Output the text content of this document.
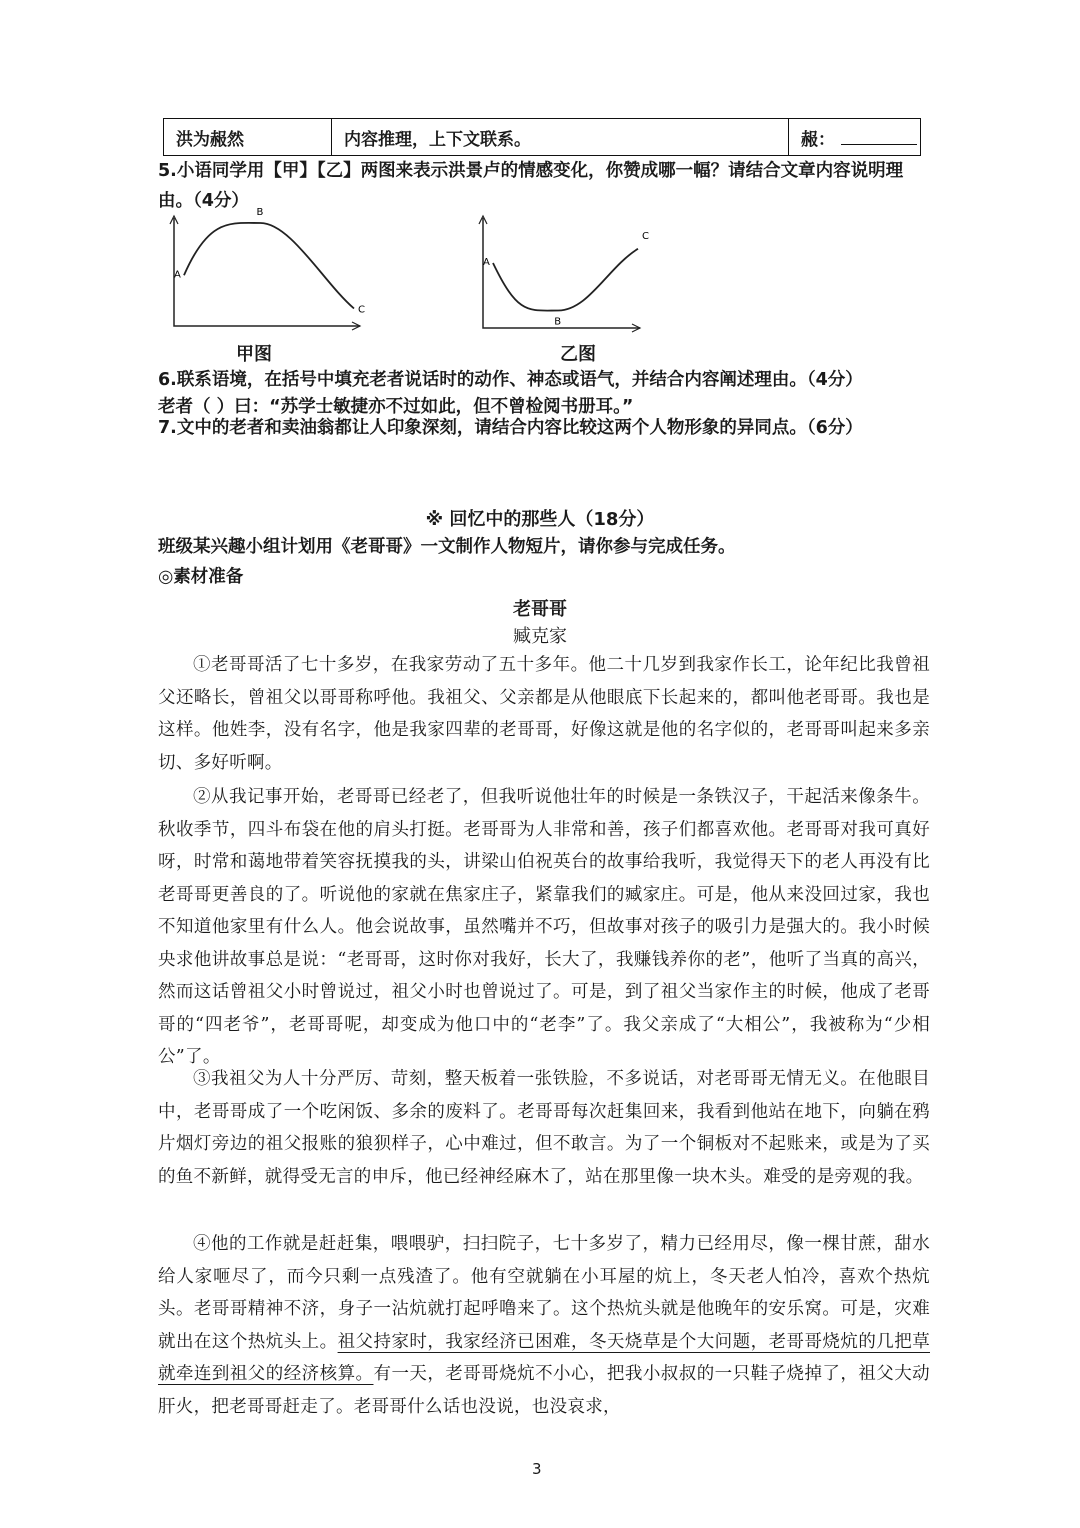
洪为赧然	内容推理，上下文联系。	赧：
5.小语同学用【甲】【乙】两图来表示洪景卢的情感变化，你赞成哪一幅？请结合文章内容说明理由。（4分）
A
B
C
甲图
A
B
C
乙图
6.联系语境，在括号中填充老者说话时的动作、神态或语气，并结合内容阐述理由。（4分）
老者（ ）曰：“苏学士敏捷亦不过如此，但不曾检阅书册耳。”
7.文中的老者和卖油翁都让人印象深刻，请结合内容比较这两个人物形象的异同点。（6分）
※ 回忆中的那些人（18分）
班级某兴趣小组计划用《老哥哥》一文制作人物短片，请你参与完成任务。
◎素材准备
老哥哥
臧克家
①老哥哥活了七十多岁，在我家劳动了五十多年。他二十几岁到我家作长工，论年纪比我曾祖父还略长，曾祖父以哥哥称呼他。我祖父、父亲都是从他眼底下长起来的，都叫他老哥哥。我也是这样。他姓李，没有名字，他是我家四辈的老哥哥，好像这就是他的名字似的，老哥哥叫起来多亲切、多好听啊。
②从我记事开始，老哥哥已经老了，但我听说他壮年的时候是一条铁汉子，干起活来像条牛。秋收季节，四斗布袋在他的肩头打挺。老哥哥为人非常和善，孩子们都喜欢他。老哥哥对我可真好呀，时常和蔼地带着笑容抚摸我的头，讲梁山伯祝英台的故事给我听，我觉得天下的老人再没有比老哥哥更善良的了。听说他的家就在焦家庄子，紧靠我们的臧家庄。可是，他从来没回过家，我也不知道他家里有什么人。他会说故事，虽然嘴并不巧，但故事对孩子的吸引力是强大的。我小时候央求他讲故事总是说：“老哥哥，这时你对我好，长大了，我赚钱养你的老”，他听了当真的高兴，然而这话曾祖父小时曾说过，祖父小时也曾说过了。可是，到了祖父当家作主的时候，他成了老哥哥的“四老爷”，老哥哥呢，却变成为他口中的“老李”了。我父亲成了“大相公”，我被称为“少相公”了。
③我祖父为人十分严厉、苛刻，整天板着一张铁脸，不多说话，对老哥哥无情无义。在他眼目中，老哥哥成了一个吃闲饭、多余的废料了。老哥哥每次赶集回来，我看到他站在地下，向躺在鸦片烟灯旁边的祖父报账的狼狈样子，心中难过，但不敢言。为了一个铜板对不起账来，或是为了买的鱼不新鲜，就得受无言的申斥，他已经神经麻木了，站在那里像一块木头。难受的是旁观的我。
④他的工作就是赶赶集，喂喂驴，扫扫院子，七十多岁了，精力已经用尽，像一棵甘蔗，甜水给人家咂尽了，而今只剩一点残渣了。他有空就躺在小耳屋的炕上，冬天老人怕冷，喜欢个热炕头。老哥哥精神不济，身子一沾炕就打起呼噜来了。这个热炕头就是他晚年的安乐窝。可是，灾难就出在这个热炕头上。祖父持家时，我家经济已困难，冬天烧草是个大问题，老哥哥烧炕的几把草就牵连到祖父的经济核算。有一天，老哥哥烧炕不小心，把我小叔叔的一只鞋子烧掉了，祖父大动肝火，把老哥哥赶走了。老哥哥什么话也没说，也没哀求，
3
